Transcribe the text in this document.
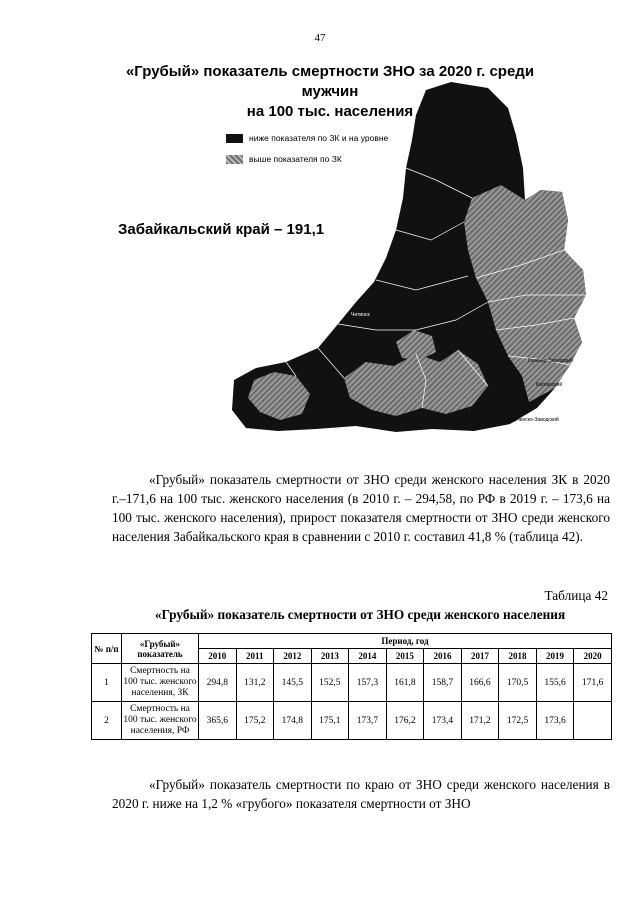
47
«Грубый» показатель смертности ЗНО за 2020 г. среди мужчин
на 100 тыс. населения
Читинск
Газимур-Заводский
Калганский
Нерчинско-Заводский
ниже показателя по ЗК и на уровне
выше показателя по ЗК
Забайкальский край – 191,1

«Грубый» показатель смертности от ЗНО среди женского населения ЗК в 2020 г.–171,6 на 100 тыс. женского населения (в 2010 г. – 294,58, по РФ в 2019 г. – 173,6 на 100 тыс. женского населения), прирост показателя смертности от ЗНО среди женского населения Забайкальского края в сравнении с 2010 г. составил 41,8 % (таблица 42).

Таблица 42
«Грубый» показатель смертности от ЗНО среди женского населения
№ п/п	«Грубый» показатель	Период, год										
		2010	2011	2012	2013	2014	2015	2016	2017	2018	2019	2020
1	Смертность на 100 тыс. женского населения, ЗК	294,8	131,2	145,5	152,5	157,3	161,8	158,7	166,6	170,5	155,6	171,6
2	Смертность на 100 тыс. женского населения, РФ	365,6	175,2	174,8	175,1	173,7	176,2	173,4	171,2	172,5	173,6	

«Грубый» показатель смертности по краю от ЗНО среди женского населения в 2020 г. ниже на 1,2 % «грубого» показателя смертности от ЗНО
